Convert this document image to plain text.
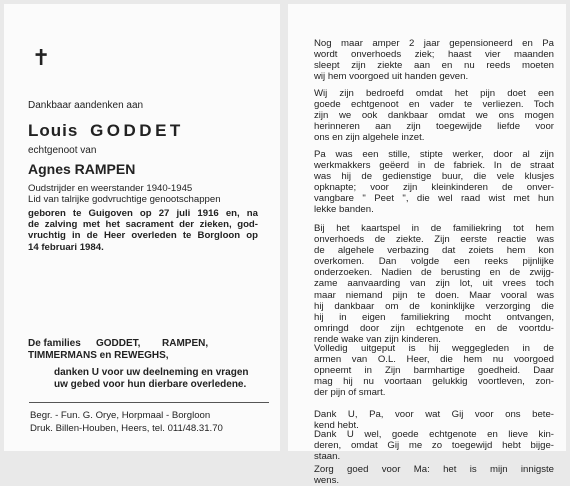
✝
Dankbaar aandenken aan
Louis GODDET
echtgenoot van
Agnes RAMPEN
Oudstrijder en weerstander 1940-1945
Lid van talrijke godvruchtige genootschappen
geboren te Guigoven op 27 juli 1916 en, na
de zalving met het sacrament der zieken, god-
vruchtig in de Heer overleden te Borgloon op
14 februari 1984.
De families GODDET, RAMPEN,
TIMMERMANS en REWEGHS,
danken U voor uw deelneming en vragen
uw gebed voor hun dierbare overledene.
Begr. - Fun. G. Orye, Horpmaal - Borgloon
Druk. Billen-Houben, Heers, tel. 011/48.31.70
Nog maar amper 2 jaar gepensioneerd en Pa
wordt onverhoeds ziek; haast vier maanden
sleept zijn ziekte aan en nu reeds moeten
wij hem voorgoed uit handen geven.
Wij zijn bedroefd omdat het pijn doet een
goede echtgenoot en vader te verliezen. Toch
zijn we ook dankbaar omdat we ons mogen
herinneren aan zijn toegewijde liefde voor
ons en zijn algehele inzet.
Pa was een stille, stipte werker, door al zijn
werkmakkers geëerd in de fabriek. In de straat
was hij de gedienstige buur, die vele klusjes
opknapte; voor zijn kleinkinderen de onver-
vangbare " Peet ", die wel raad wist met hun
lekke banden.
Bij het kaartspel in de familiekring tot hem
onverhoeds de ziekte. Zijn eerste reactie was
de algehele verbazing dat zoiets hem kon
overkomen. Dan volgde een reeks pijnlijke
onderzoeken. Nadien de berusting en de zwijg-
zame aanvaarding van zijn lot, uit vrees toch
maar niemand pijn te doen. Maar vooral was
hij dankbaar om de koninklijke verzorging die
hij in eigen familiekring mocht ontvangen,
omringd door zijn echtgenote en de voortdu-
rende wake van zijn kinderen.
Volledig uitgeput is hij weggegleden in de
armen van O.L. Heer, die hem nu voorgoed
opneemt in Zijn barmhartige goedheid. Daar
mag hij nu voortaan gelukkig voortleven, zon-
der pijn of smart.
Dank U, Pa, voor wat Gij voor ons bete-
kend hebt.
Dank U wel, goede echtgenote en lieve kin-
deren, omdat Gij me zo toegewijd hebt bijge-
staan.
Zorg goed voor Ma: het is mijn innigste
wens.
